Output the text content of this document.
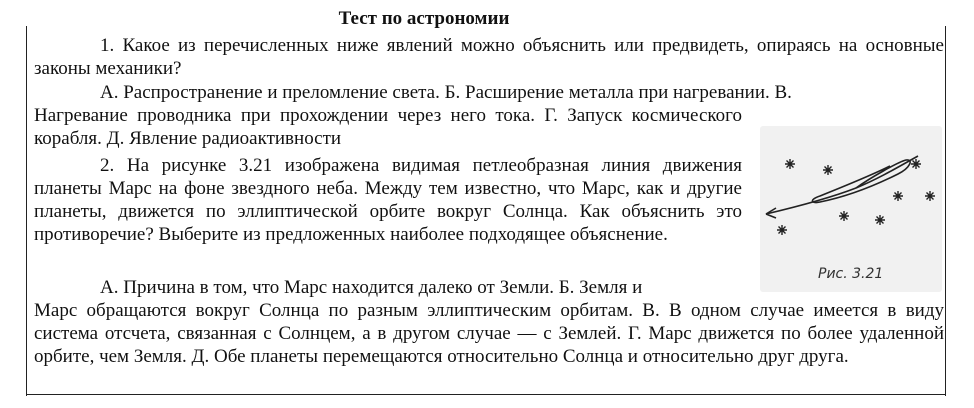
Тест по астрономии

1. Какое из перечисленных ниже явлений можно объяснить или предвидеть, опираясь на основные законы механики?

А. Распространение и преломление света. Б. Расширение металла при нагревании. В.

Нагревание проводника при прохождении через него тока. Г. Запуск космического корабля. Д. Явление радиоактивности

2. На рисунке 3.21 изображена видимая петлеобразная линия движения планеты Марс на фоне звездного неба. Между тем известно, что Марс, как и другие планеты, движется по эллиптической орбите вокруг Солнца. Как объяснить это противоречие? Выберите из предложенных наиболее подходящее объяснение.

А. Причина в том, что Марс находится далеко от Земли. Б. Земля и

Марс обращаются вокруг Солнца по разным эллиптическим орбитам. В. В одном случае имеется в виду система отсчета, связанная с Солнцем, а в другом случае — с Землей. Г. Марс движется по более удаленной орбите, чем Земля. Д. Обе планеты перемещаются относительно Солнца и относительно друг друга.

Рис. 3.21
